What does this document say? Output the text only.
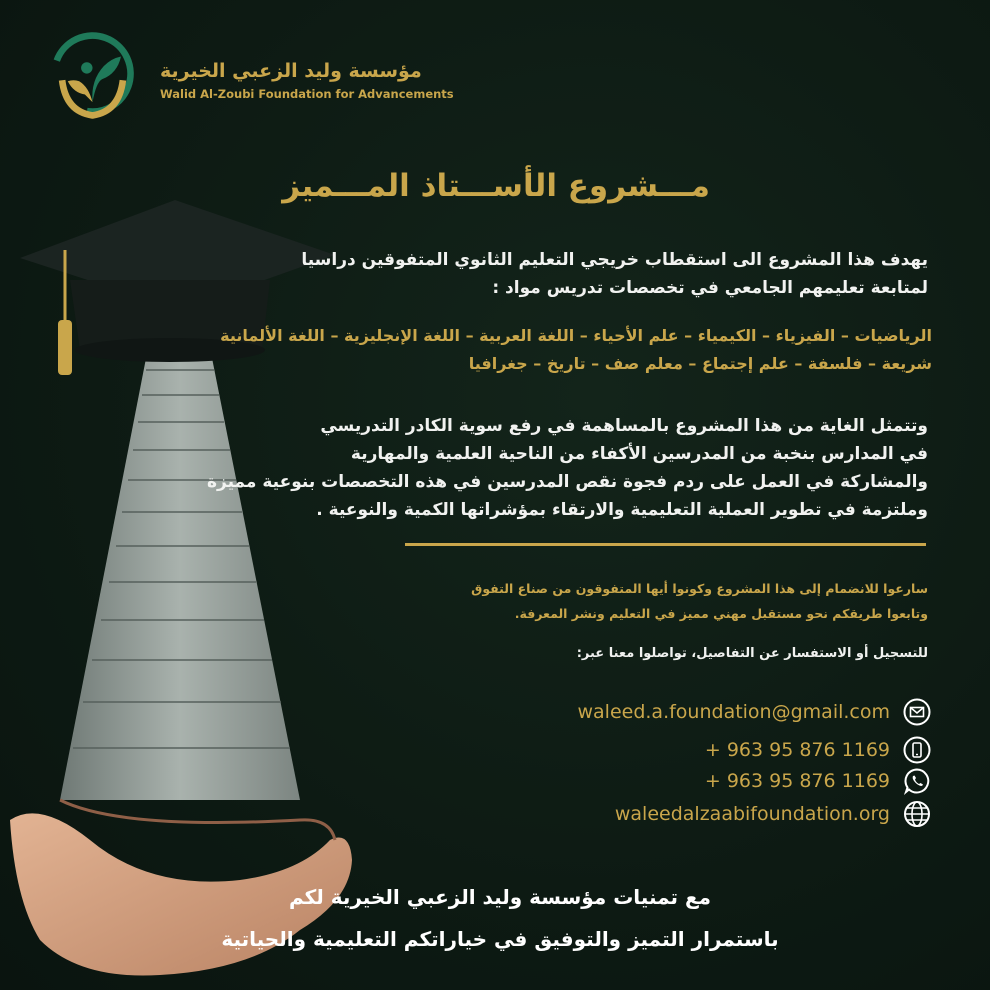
مؤسسة وليد الزعبي الخيرية
Walid Al-Zoubi Foundation for Advancements
مـــشروع الأســـتاذ المـــميز
يهدف هذا المشروع الى استقطاب خريجي التعليم الثانوي المتفوقين دراسيا
لمتابعة تعليمهم الجامعي في تخصصات تدريس مواد :
الرياضيات – الفيزياء – الكيمياء – علم الأحياء – اللغة العربية – اللغة الإنجليزية – اللغة الألمانية
شريعة – فلسفة – علم إجتماع – معلم صف – تاريخ – جغرافيا
وتتمثل الغاية من هذا المشروع بالمساهمة في رفع سوية الكادر التدريسي
في المدارس بنخبة من المدرسين الأكفاء من الناحية العلمية والمهارية
والمشاركة في العمل على ردم فجوة نقص المدرسين في هذه التخصصات بنوعية مميزة
وملتزمة في تطوير العملية التعليمية والارتقاء بمؤشراتها الكمية والنوعية .
سارعوا للانضمام إلى هذا المشروع وكونوا أيها المتفوقون من صناع التفوق
وتابعوا طريقكم نحو مستقبل مهني مميز في التعليم ونشر المعرفة.
للتسجيل أو الاستفسار عن التفاصيل، تواصلوا معنا عبر:
waleed.a.foundation@gmail.com
+ 963 95 876 1169
+ 963 95 876 1169
waleedalzaabifoundation.org
مع تمنيات مؤسسة وليد الزعبي الخيرية لكم
باستمرار التميز والتوفيق في خياراتكم التعليمية والحياتية
